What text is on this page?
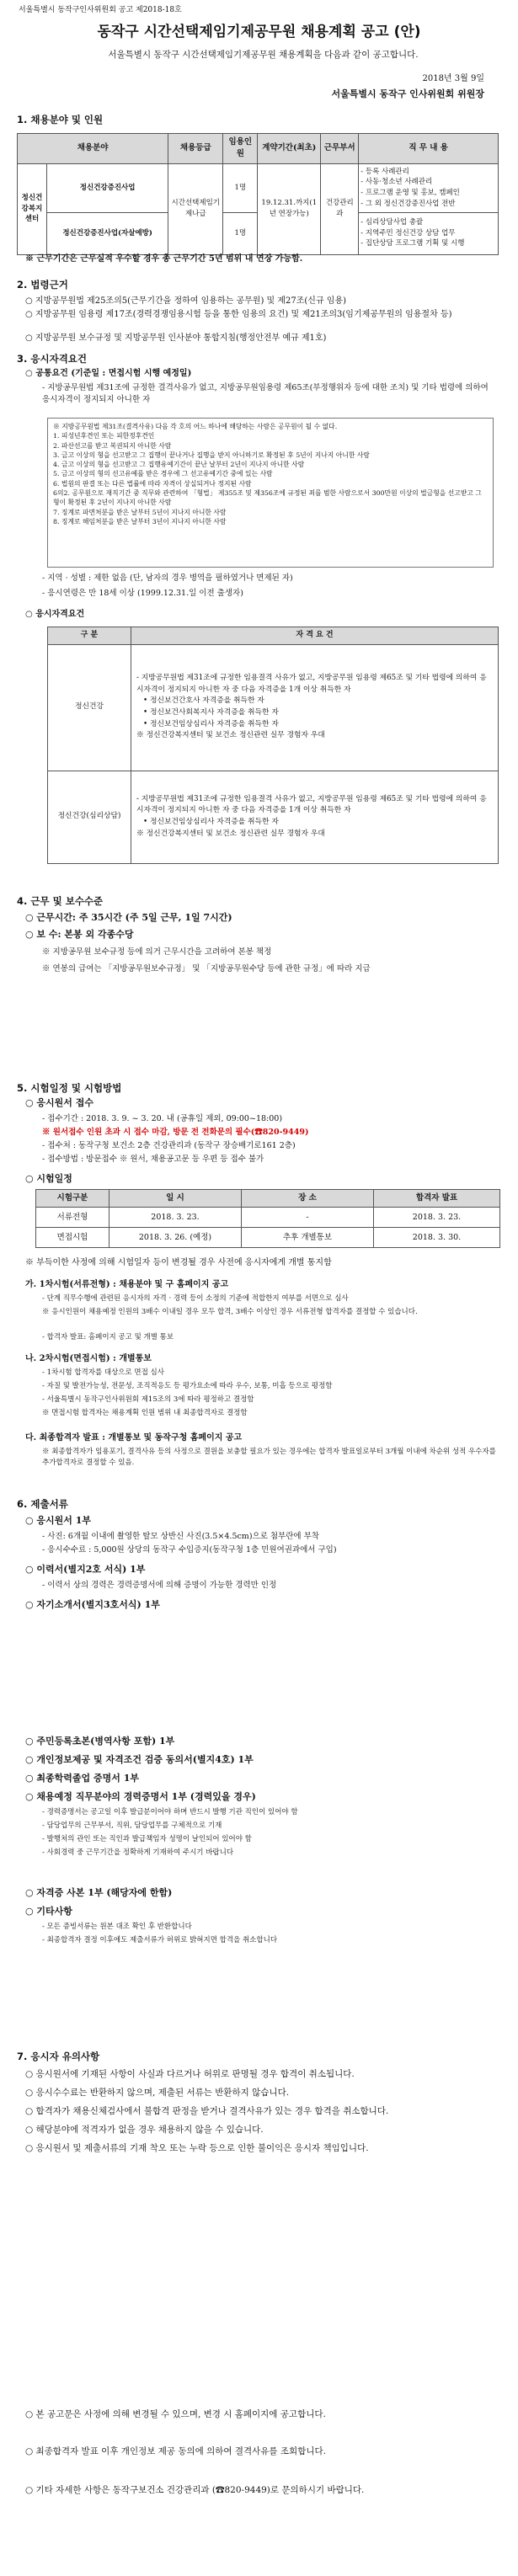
서울특별시 동작구인사위원회 공고 제2018-18호
동작구 시간선택제임기제공무원 채용계획 공고 (안)
서울특별시 동작구 시간선택제임기제공무원 채용계획을 다음과 같이 공고합니다.
2018년 3월 9일
서울특별시 동작구 인사위원회 위원장
1. 채용분야 및 인원
채용분야		채용등급	임용인원	계약기간(최초)	근무부서	직 무 내 용
정신건강복지센터	정신건강증진사업	시간선택제임기제나급	1명	19.12.31.까지(1년 연장가능)	건강관리과	- 등록 사례관리
- 사동·청소년 사례관리
- 프로그램 운영 및 홍보, 캠페인
- 그 외 정신건강증진사업 전반

	정신건강증진사업(자살예방)		1명			- 심리상담사업 총괄
- 지역주민 정신건강 상담 업무
- 집단상담 프로그램 기획 및 시행
※ 근무기간은 근무실적 우수할 경우 총 근무기간 5년 범위 내 연장 가능함.
2. 법령근거
○ 지방공무원법 제25조의5(근무기간을 정하여 임용하는 공무원) 및 제27조(신규 임용)
○ 지방공무원 임용령 제17조(경력경쟁임용시험 등을 통한 임용의 요건) 및 제21조의3(임기제공무원의 임용절차 등)
○ 지방공무원 보수규정 및 지방공무원 인사분야 통합지침(행정안전부 예규 제1호)
3. 응시자격요건
○ 공통요건 (기준일 : 면접시험 시행 예정일)
- 지방공무원법 제31조에 규정한 결격사유가 없고, 지방공무원임용령 제65조(부정행위자 등에 대한 조치) 및 기타 법령에 의하여 응시자격이 정지되지 아니한 자
※ 지방공무원법 제31조(결격사유) 다음 각 호의 어느 하나에 해당하는 사람은 공무원이 될 수 없다.
1. 피성년후견인 또는 피한정후견인
2. 파산선고를 받고 복권되지 아니한 사람
3. 금고 이상의 형을 선고받고 그 집행이 끝나거나 집행을 받지 아니하기로 확정된 후 5년이 지나지 아니한 사람
4. 금고 이상의 형을 선고받고 그 집행유예기간이 끝난 날부터 2년이 지나지 아니한 사람
5. 금고 이상의 형의 선고유예를 받은 경우에 그 선고유예기간 중에 있는 사람
6. 법원의 판결 또는 다른 법률에 따라 자격이 상실되거나 정지된 사람
6의2. 공무원으로 재직기간 중 직무와 관련하여 「형법」 제355조 및 제356조에 규정된 죄를 범한 사람으로서 300만원 이상의 벌금형을 선고받고 그 형이 확정된 후 2년이 지나지 아니한 사람
7. 징계로 파면처분을 받은 날부터 5년이 지나지 아니한 사람
8. 징계로 해임처분을 받은 날부터 3년이 지나지 아니한 사람
- 지역 · 성별 : 제한 없음 (단, 남자의 경우 병역을 필하였거나 면제된 자)
- 응시연령은 만 18세 이상 (1999.12.31.일 이전 출생자)
○ 응시자격요건
구 분	자 격 요 건
정신건강	- 지방공무원법 제31조에 규정한 임용결격 사유가 없고, 지방공무원 임용령 제65조 및 기타 법령에 의하여 응시자격이 정지되지 아니한 자 중 다음 자격증을 1개 이상 취득한 자
• 정신보건간호사 자격증을 취득한 자
• 정신보건사회복지사 자격증을 취득한 자
• 정신보건임상심리사 자격증을 취득한 자
※ 정신건강복지센터 및 보건소 정신관련 실무 경험자 우대

정신건강(심리상담)	- 지방공무원법 제31조에 규정한 임용결격 사유가 없고, 지방공무원 임용령 제65조 및 기타 법령에 의하여 응시자격이 정지되지 아니한 자 중 다음 자격증을 1개 이상 취득한 자
• 정신보건임상심리사 자격증을 취득한 자
※ 정신건강복지센터 및 보건소 정신관련 실무 경험자 우대
4. 근무 및 보수수준
○ 근무시간: 주 35시간 (주 5일 근무, 1일 7시간)
○ 보 수: 본봉 외 각종수당
※ 지방공무원 보수규정 등에 의거 근무시간을 고려하여 본봉 책정
※ 연봉의 급여는 「지방공무원보수규정」 및 「지방공무원수당 등에 관한 규정」에 따라 지급
5. 시험일정 및 시험방법
○ 응시원서 접수
- 접수기간 : 2018. 3. 9. ~ 3. 20. 내 (공휴일 제외, 09:00~18:00)
※ 원서접수 인원 초과 시 접수 마감, 방문 전 전화문의 필수(☎820-9449)
- 접수처 : 동작구청 보건소 2층 건강관리과 (동작구 장승배기로161 2층)
- 접수방법 : 방문접수 ※ 원서, 채용공고문 등 우편 등 접수 불가
○ 시험일정
시험구분	일 시	장 소	합격자 발표
서류전형	2018. 3. 23.	-	2018. 3. 23.
면접시험	2018. 3. 26. (예정)	추후 개별통보	2018. 3. 30.
※ 부득이한 사정에 의해 시험일자 등이 변경될 경우 사전에 응시자에게 개별 통지함
가. 1차시험(서류전형) : 채용분야 및 구 홈페이지 공고
- 단계 직무수행에 관련된 응시자의 자격 · 경력 등이 소정의 기준에 적합한지 여부를 서면으로 심사
※ 응시인원이 채용예정 인원의 3배수 이내일 경우 모두 합격, 3배수 이상인 경우 서류전형 합격자를 결정할 수 있습니다.
- 합격자 발표: 홈페이지 공고 및 개별 통보
나. 2차시험(면접시험) : 개별통보
- 1차시험 합격자를 대상으로 면접 심사
- 자질 및 발전가능성, 전문성, 조직적응도 등 평가요소에 따라 우수, 보통, 미흡 등으로 평정함
- 서울특별시 동작구인사위원회 제15조의 3에 따라 평정하고 결정함
※ 면접시험 합격자는 채용계획 인원 범위 내 최종합격자로 결정함
다. 최종합격자 발표 : 개별통보 및 동작구청 홈페이지 공고
※ 최종합격자가 임용포기, 결격사유 등의 사정으로 결원을 보충할 필요가 있는 경우에는 합격자 발표일로부터 3개월 이내에 차순위 성적 우수자를 추가합격자로 결정할 수 있음.
6. 제출서류
○ 응시원서 1부
- 사진: 6개월 이내에 촬영한 탈모 상반신 사진(3.5×4.5cm)으로 첨부란에 부착
- 응시수수료 : 5,000원 상당의 동작구 수입증지(동작구청 1층 민원여권과에서 구입)
○ 이력서(별지2호 서식) 1부
- 이력서 상의 경력은 경력증명서에 의해 증명이 가능한 경력만 인정
○ 자기소개서(별지3호서식) 1부
○ 주민등록초본(병역사항 포함) 1부
○ 개인정보제공 및 자격조건 검증 동의서(별지4호) 1부
○ 최종학력졸업 증명서 1부
○ 채용예정 직무분야의 경력증명서 1부 (경력있을 경우)
- 경력증명서는 공고일 이후 발급분이어야 하며 반드시 발행 기관 직인이 있어야 함
- 담당업무의 근무부서, 직위, 담당업무를 구체적으로 기재
- 발행처의 관인 또는 직인과 발급책임자 성명이 날인되어 있어야 함
- 사회경력 중 근무기간을 정확하게 기재하여 주시기 바랍니다
○ 자격증 사본 1부 (해당자에 한함)
○ 기타사항
- 모든 증빙서류는 원본 대조 확인 후 반환합니다
- 최종합격자 결정 이후에도 제출서류가 허위로 밝혀지면 합격을 취소합니다
7. 응시자 유의사항
○ 응시원서에 기재된 사항이 사실과 다르거나 허위로 판명될 경우 합격이 취소됩니다.
○ 응시수수료는 반환하지 않으며, 제출된 서류는 반환하지 않습니다.
○ 합격자가 채용신체검사에서 불합격 판정을 받거나 결격사유가 있는 경우 합격을 취소합니다.
○ 해당분야에 적격자가 없을 경우 채용하지 않을 수 있습니다.
○ 응시원서 및 제출서류의 기재 착오 또는 누락 등으로 인한 불이익은 응시자 책임입니다.
○ 본 공고문은 사정에 의해 변경될 수 있으며, 변경 시 홈페이지에 공고합니다.
○ 최종합격자 발표 이후 개인정보 제공 동의에 의하여 결격사유를 조회합니다.
○ 기타 자세한 사항은 동작구보건소 건강관리과 (☎820-9449)로 문의하시기 바랍니다.
